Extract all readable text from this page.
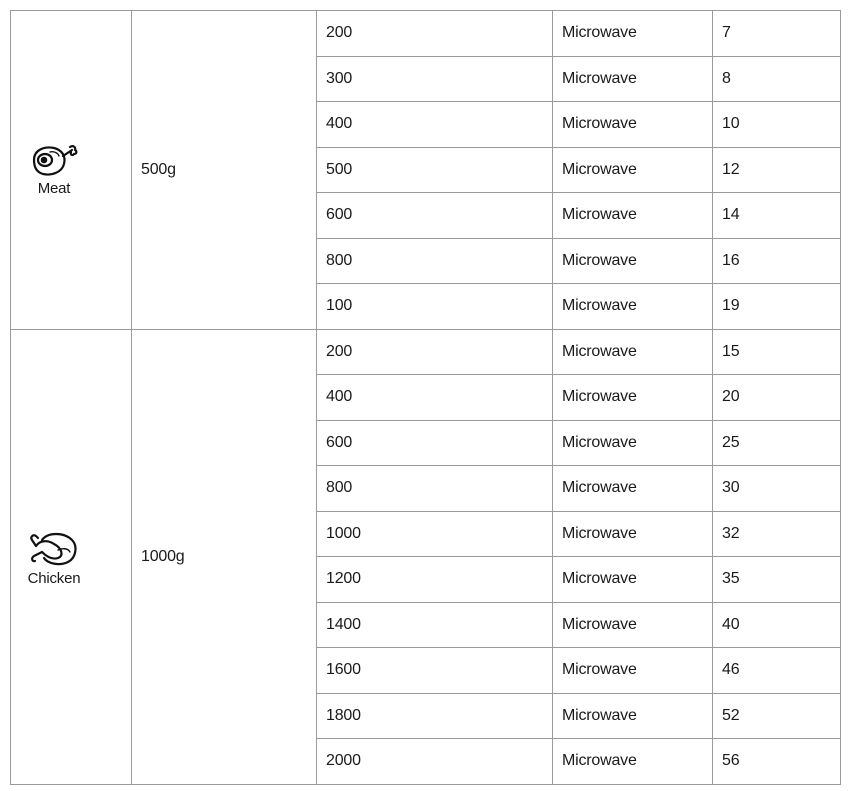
Meat	500g	200	Microwave	7
		300	Microwave	8
		400	Microwave	10
		500	Microwave	12
		600	Microwave	14
		800	Microwave	16
		100	Microwave	19

Chicken	1000g	200	Microwave	15
		400	Microwave	20
		600	Microwave	25
		800	Microwave	30
		1000	Microwave	32
		1200	Microwave	35
		1400	Microwave	40
		1600	Microwave	46
		1800	Microwave	52
		2000	Microwave	56
